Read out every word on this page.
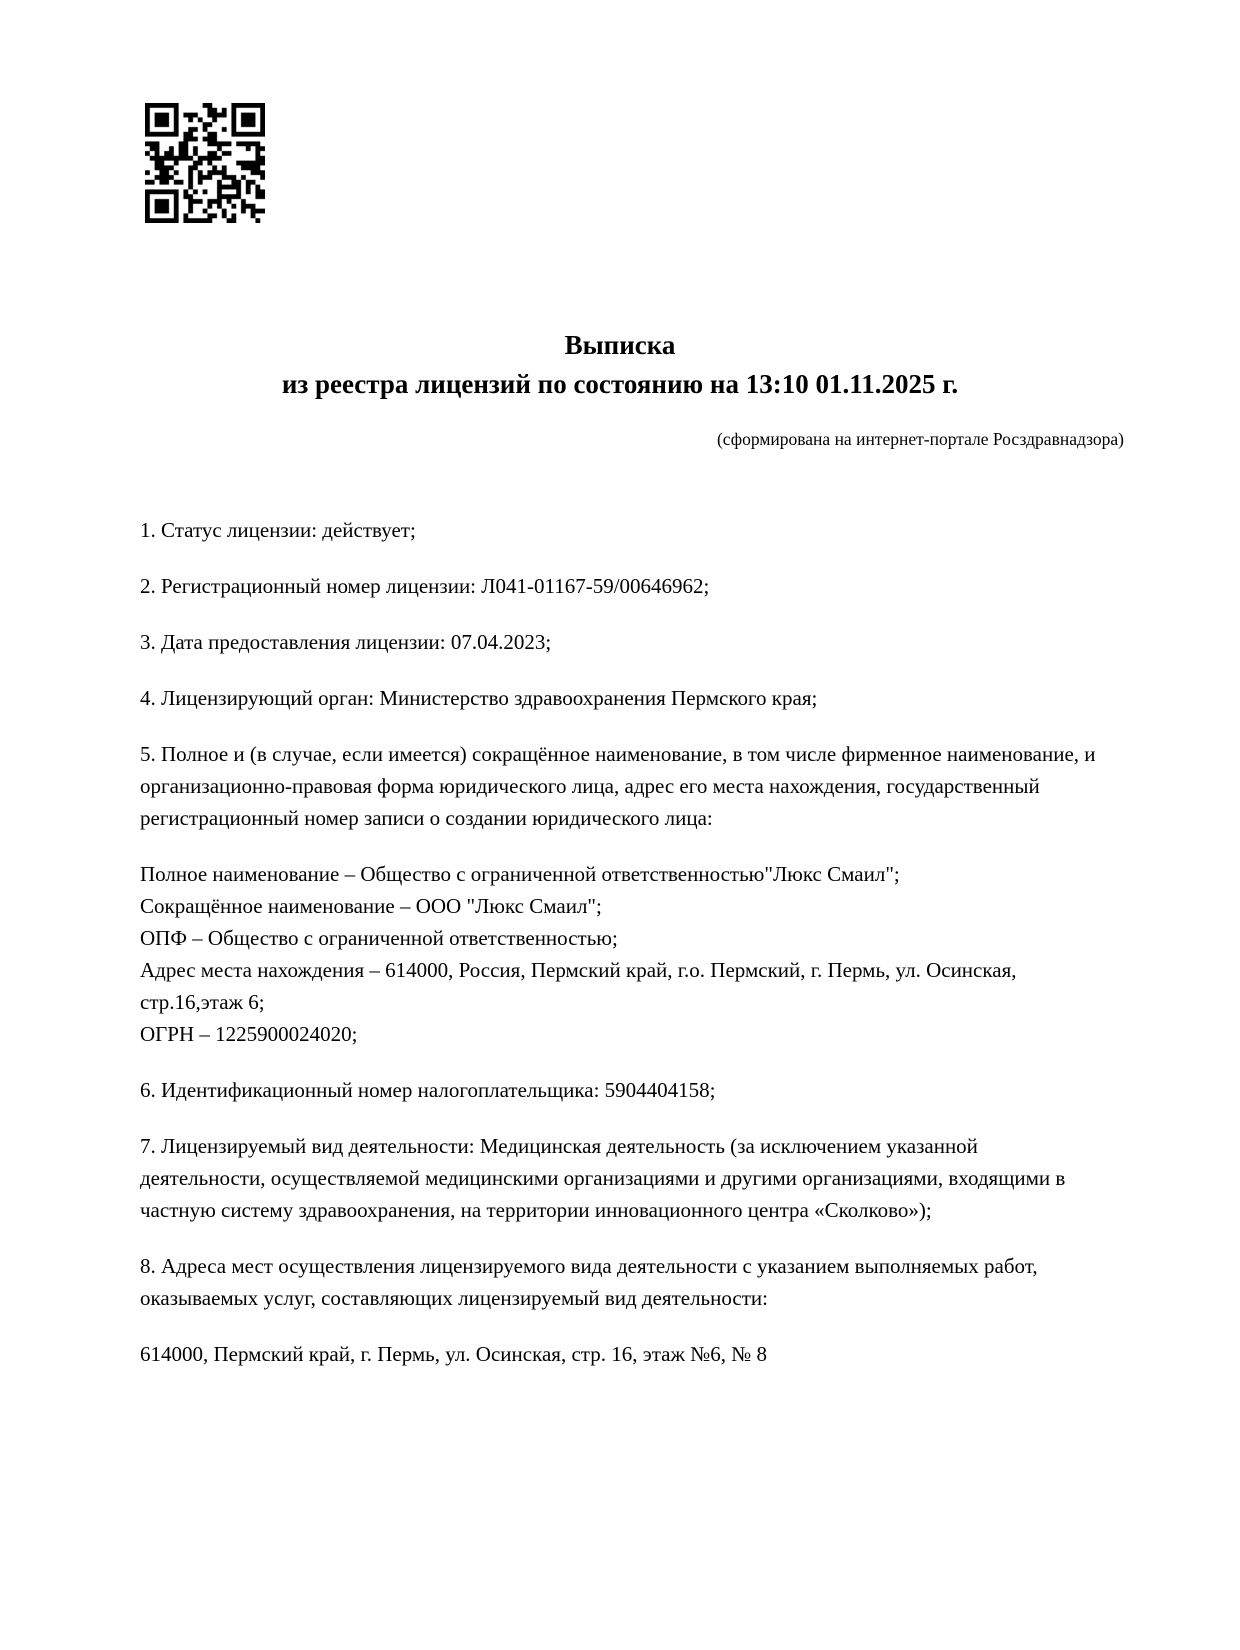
Выписка
из реестра лицензий по состоянию на 13:10 01.11.2025 г.
(сформирована на интернет-портале Росздравнадзора)

1. Статус лицензии: действует;

2. Регистрационный номер лицензии: Л041-01167-59/00646962;

3. Дата предоставления лицензии: 07.04.2023;

4. Лицензирующий орган: Министерство здравоохранения Пермского края;

5. Полное и (в случае, если имеется) сокращённое наименование, в том числе фирменное наименование, и организационно-правовая форма юридического лица, адрес его места нахождения, государственный регистрационный номер записи о создании юридического лица:

Полное наименование – Общество с ограниченной ответственностью"Люкс Смаил";
Сокращённое наименование – ООО "Люкс Смаил";
ОПФ – Общество с ограниченной ответственностью;
Адрес места нахождения – 614000, Россия, Пермский край, г.о. Пермский, г. Пермь, ул. Осинская, стр.16,этаж 6;
ОГРН – 1225900024020;

6. Идентификационный номер налогоплательщика: 5904404158;

7. Лицензируемый вид деятельности: Медицинская деятельность (за исключением указанной деятельности, осуществляемой медицинскими организациями и другими организациями, входящими в частную систему здравоохранения, на территории инновационного центра «Сколково»);

8. Адреса мест осуществления лицензируемого вида деятельности с указанием выполняемых работ, оказываемых услуг, составляющих лицензируемый вид деятельности:

614000, Пермский край, г. Пермь, ул. Осинская, стр. 16, этаж №6, № 8
